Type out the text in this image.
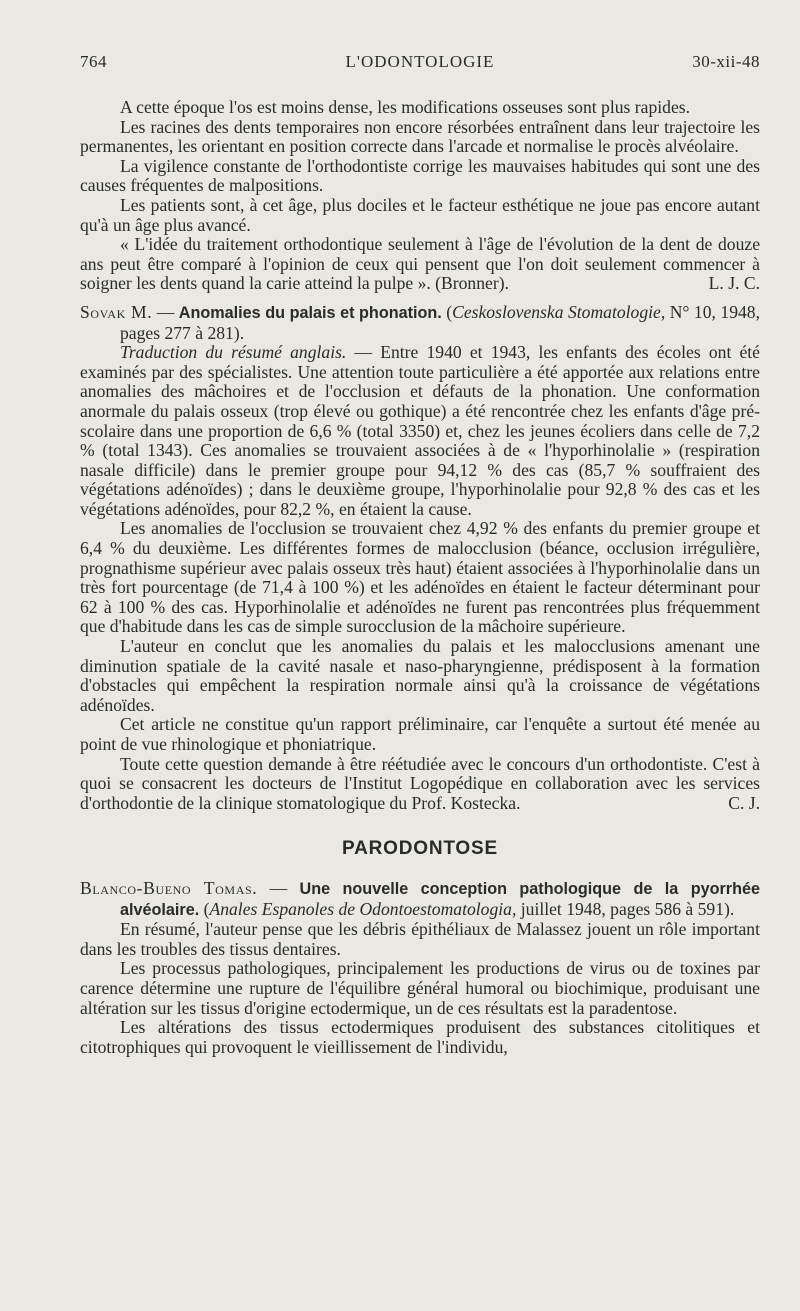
764	L'ODONTOLOGIE	30-xii-48

A cette époque l'os est moins dense, les modifications osseuses sont plus rapides.

Les racines des dents temporaires non encore résorbées entraînent dans leur trajectoire les permanentes, les orientant en position correcte dans l'arcade et normalise le procès alvéolaire.

La vigilence constante de l'orthodontiste corrige les mauvaises habitudes qui sont une des causes fréquentes de malpositions.

Les patients sont, à cet âge, plus dociles et le facteur esthétique ne joue pas encore autant qu'à un âge plus avancé.

« L'idée du traitement orthodontique seulement à l'âge de l'évolution de la dent de douze ans peut être comparé à l'opinion de ceux qui pensent que l'on doit seulement commencer à soigner les dents quand la carie atteind la pulpe ». (Bronner).	L. J. C.

Sovak M. — Anomalies du palais et phonation. (Ceskoslovenska Stomatologie, N° 10, 1948, pages 277 à 281).

Traduction du résumé anglais. — Entre 1940 et 1943, les enfants des écoles ont été examinés par des spécialistes. Une attention toute particulière a été apportée aux relations entre anomalies des mâchoires et de l'occlusion et défauts de la phonation. Une conformation anormale du palais osseux (trop élevé ou gothique) a été rencontrée chez les enfants d'âge pré-scolaire dans une proportion de 6,6 % (total 3350) et, chez les jeunes écoliers dans celle de 7,2 % (total 1343). Ces anomalies se trouvaient associées à de « l'hyporhinolalie » (respiration nasale difficile) dans le premier groupe pour 94,12 % des cas (85,7 % souffraient des végétations adénoïdes) ; dans le deuxième groupe, l'hyporhinolalie pour 92,8 % des cas et les végétations adénoïdes, pour 82,2 %, en étaient la cause.

Les anomalies de l'occlusion se trouvaient chez 4,92 % des enfants du premier groupe et 6,4 % du deuxième. Les différentes formes de malocclusion (béance, occlusion irrégulière, prognathisme supérieur avec palais osseux très haut) étaient associées à l'hyporhinolalie dans un très fort pourcentage (de 71,4 à 100 %) et les adénoïdes en étaient le facteur déterminant pour 62 à 100 % des cas. Hyporhinolalie et adénoïdes ne furent pas rencontrées plus fréquemment que d'habitude dans les cas de simple surocclusion de la mâchoire supérieure.

L'auteur en conclut que les anomalies du palais et les malocclusions amenant une diminution spatiale de la cavité nasale et naso-pharyngienne, prédisposent à la formation d'obstacles qui empêchent la respiration normale ainsi qu'à la croissance de végétations adénoïdes.

Cet article ne constitue qu'un rapport préliminaire, car l'enquête a surtout été menée au point de vue rhinologique et phoniatrique.

Toute cette question demande à être réétudiée avec le concours d'un orthodontiste. C'est à quoi se consacrent les docteurs de l'Institut Logopédique en collaboration avec les services d'orthodontie de la clinique stomatologique du Prof. Kostecka.	C. J.

PARODONTOSE

Blanco-Bueno Tomas. — Une nouvelle conception pathologique de la pyorrhée alvéolaire. (Anales Espanoles de Odontoestomatologia, juillet 1948, pages 586 à 591).

En résumé, l'auteur pense que les débris épithéliaux de Malassez jouent un rôle important dans les troubles des tissus dentaires.

Les processus pathologiques, principalement les productions de virus ou de toxines par carence détermine une rupture de l'équilibre général humoral ou biochimique, produisant une altération sur les tissus d'origine ectodermique, un de ces résultats est la paradentose.

Les altérations des tissus ectodermiques produisent des substances citolitiques et citotrophiques qui provoquent le vieillissement de l'individu,
